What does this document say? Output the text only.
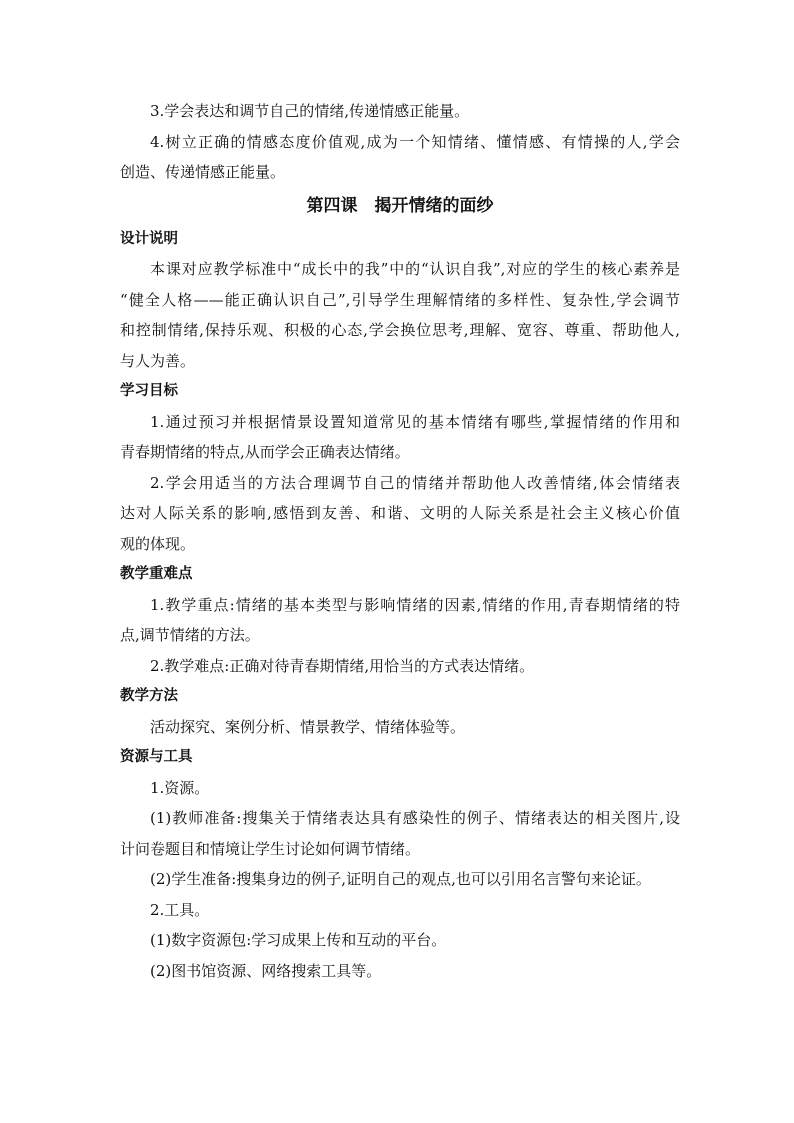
3.学会表达和调节自己的情绪,传递情感正能量。
4.树立正确的情感态度价值观,成为一个知情绪、懂情感、有情操的人,学会
创造、传递情感正能量。
第四课　揭开情绪的面纱
设计说明
本课对应教学标准中“成长中的我”中的“认识自我”,对应的学生的核心素养是
“健全人格——能正确认识自己”,引导学生理解情绪的多样性、复杂性,学会调节
和控制情绪,保持乐观、积极的心态,学会换位思考,理解、宽容、尊重、帮助他人,
与人为善。
学习目标
1.通过预习并根据情景设置知道常见的基本情绪有哪些,掌握情绪的作用和
青春期情绪的特点,从而学会正确表达情绪。
2.学会用适当的方法合理调节自己的情绪并帮助他人改善情绪,体会情绪表
达对人际关系的影响,感悟到友善、和谐、文明的人际关系是社会主义核心价值
观的体现。
教学重难点
1.教学重点:情绪的基本类型与影响情绪的因素,情绪的作用,青春期情绪的特
点,调节情绪的方法。
2.教学难点:正确对待青春期情绪,用恰当的方式表达情绪。
教学方法
活动探究、案例分析、情景教学、情绪体验等。
资源与工具
1.资源。
(1)教师准备:搜集关于情绪表达具有感染性的例子、情绪表达的相关图片,设
计问卷题目和情境让学生讨论如何调节情绪。
(2)学生准备:搜集身边的例子,证明自己的观点,也可以引用名言警句来论证。
2.工具。
(1)数字资源包:学习成果上传和互动的平台。
(2)图书馆资源、网络搜索工具等。
